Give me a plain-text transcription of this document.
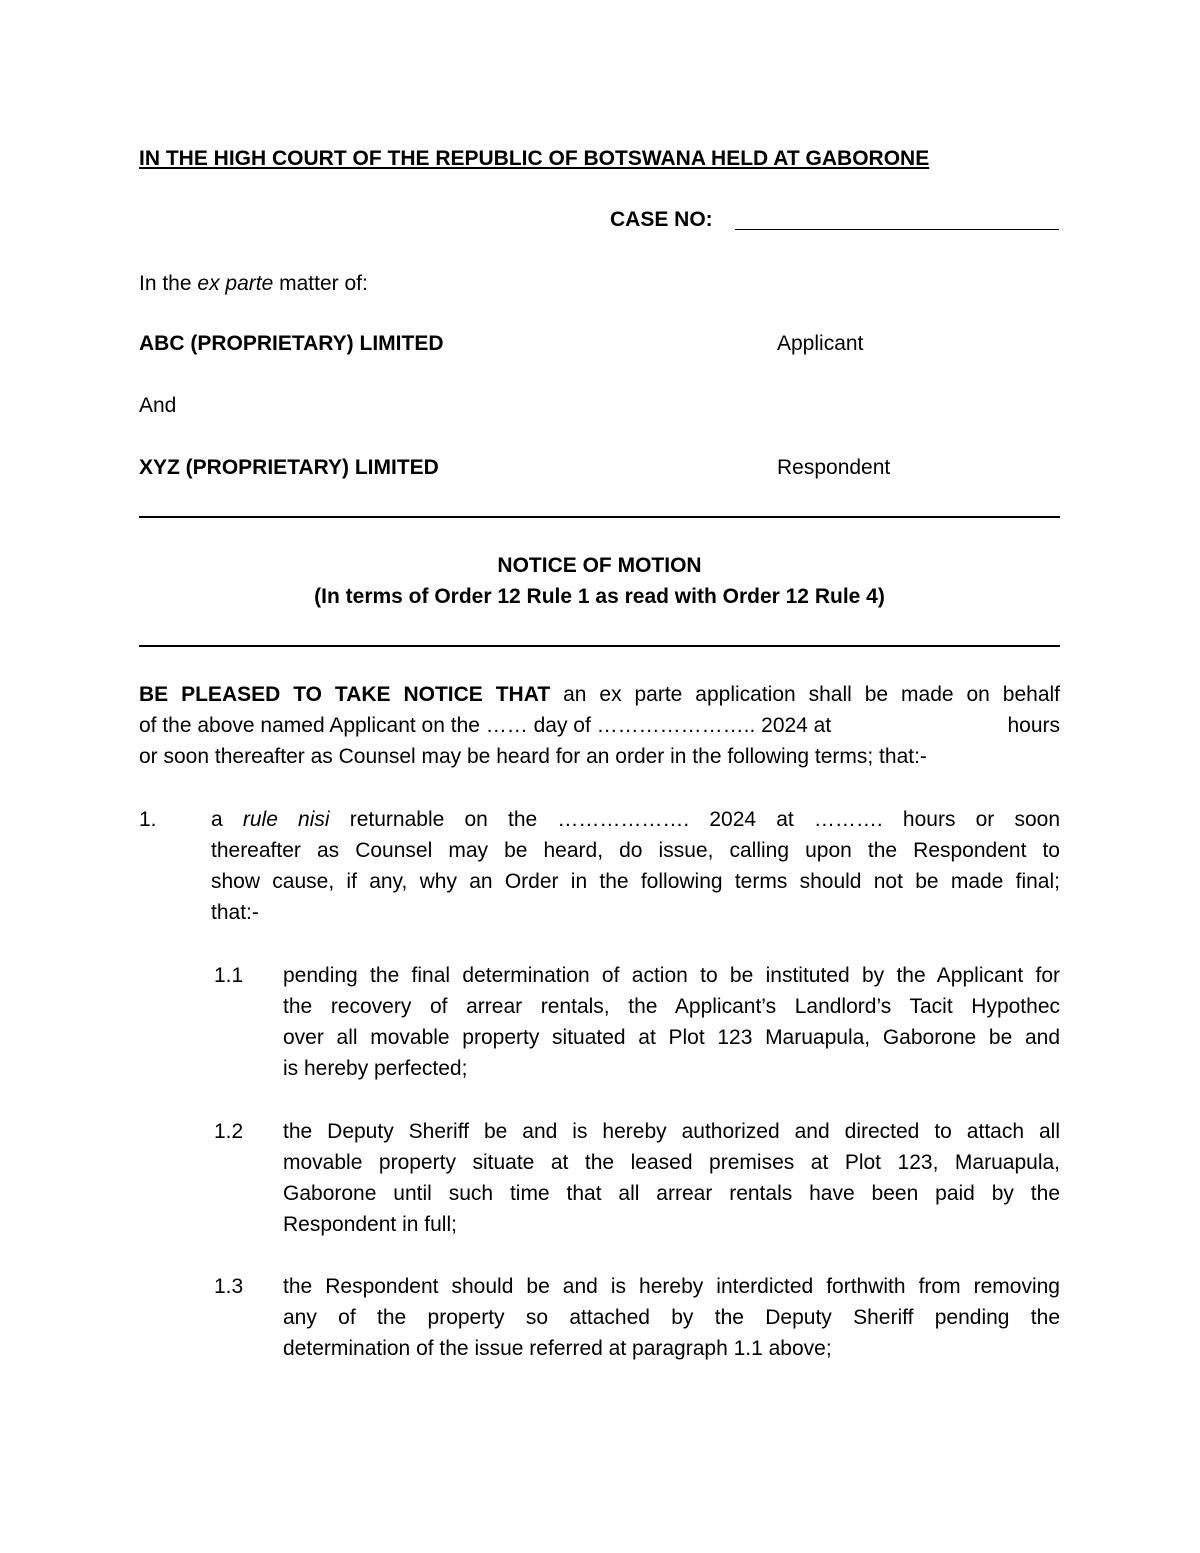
IN THE HIGH COURT OF THE REPUBLIC OF BOTSWANA HELD AT GABORONE
CASE NO:
In the ex parte matter of:
ABC (PROPRIETARY) LIMITED	Applicant
And
XYZ (PROPRIETARY) LIMITED	Respondent
NOTICE OF MOTION
(In terms of Order 12 Rule 1 as read with Order 12 Rule 4)
BE PLEASED TO TAKE NOTICE THAT an ex parte application shall be made on behalf
of the above named Applicant on the …… day of ………………….. 2024 at	hours
or soon thereafter as Counsel may be heard for an order in the following terms; that:-
1.	a rule nisi returnable on the ………………. 2024 at ………. hours or soon
thereafter as Counsel may be heard, do issue, calling upon the Respondent to
show cause, if any, why an Order in the following terms should not be made final;
that:-
1.1 pending the final determination of action to be instituted by the Applicant for
the recovery of arrear rentals, the Applicant’s Landlord’s Tacit Hypothec
over all movable property situated at Plot 123 Maruapula, Gaborone be and
is hereby perfected;
1.2 the Deputy Sheriff be and is hereby authorized and directed to attach all
movable property situate at the leased premises at Plot 123, Maruapula,
Gaborone until such time that all arrear rentals have been paid by the
Respondent in full;
1.3 the Respondent should be and is hereby interdicted forthwith from removing
any of the property so attached by the Deputy Sheriff pending the
determination of the issue referred at paragraph 1.1 above;
